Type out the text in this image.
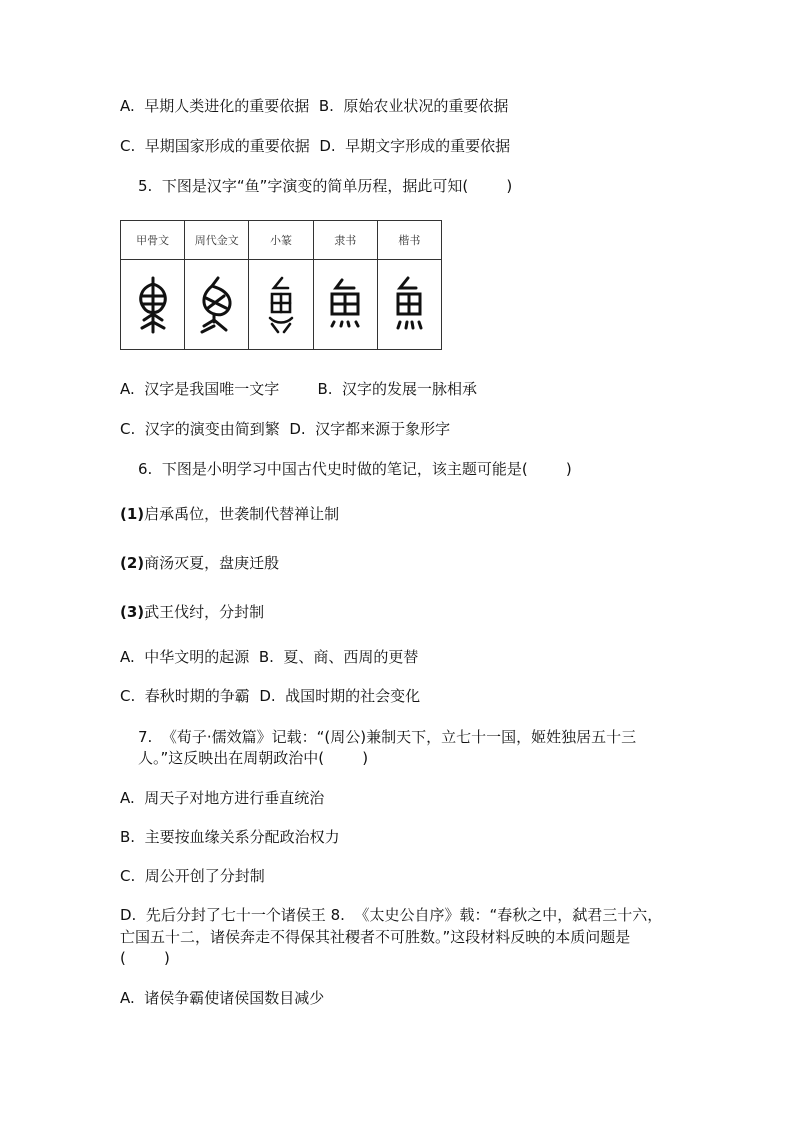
A.  早期人类进化的重要依据  B.  原始农业状况的重要依据
C.  早期国家形成的重要依据  D.  早期文字形成的重要依据
5.  下图是汉字“鱼”字演变的简单历程，据此可知(        )
甲骨文 周代金文	小篆	隶书	楷书
A.  汉字是我国唯一文字        B.  汉字的发展一脉相承
C.  汉字的演变由简到繁  D.  汉字都来源于象形字
6.  下图是小明学习中国古代史时做的笔记，该主题可能是(        )
(1)启承禹位，世袭制代替禅让制
(2)商汤灭夏，盘庚迁殷
(3)武王伐纣，分封制
A.  中华文明的起源  B.  夏、商、西周的更替
C.  春秋时期的争霸  D.  战国时期的社会变化
7.  《荀子·儒效篇》记载：“(周公)兼制天下，立七十一国，姬姓独居五十三
人。”这反映出在周朝政治中(        )
A.  周天子对地方进行垂直统治
B.  主要按血缘关系分配政治权力
C.  周公开创了分封制
D.  先后分封了七十一个诸侯王 8.  《太史公自序》载：“春秋之中，弑君三十六，
亡国五十二，诸侯奔走不得保其社稷者不可胜数。”这段材料反映的本质问题是
(        )
A.  诸侯争霸使诸侯国数目减少
